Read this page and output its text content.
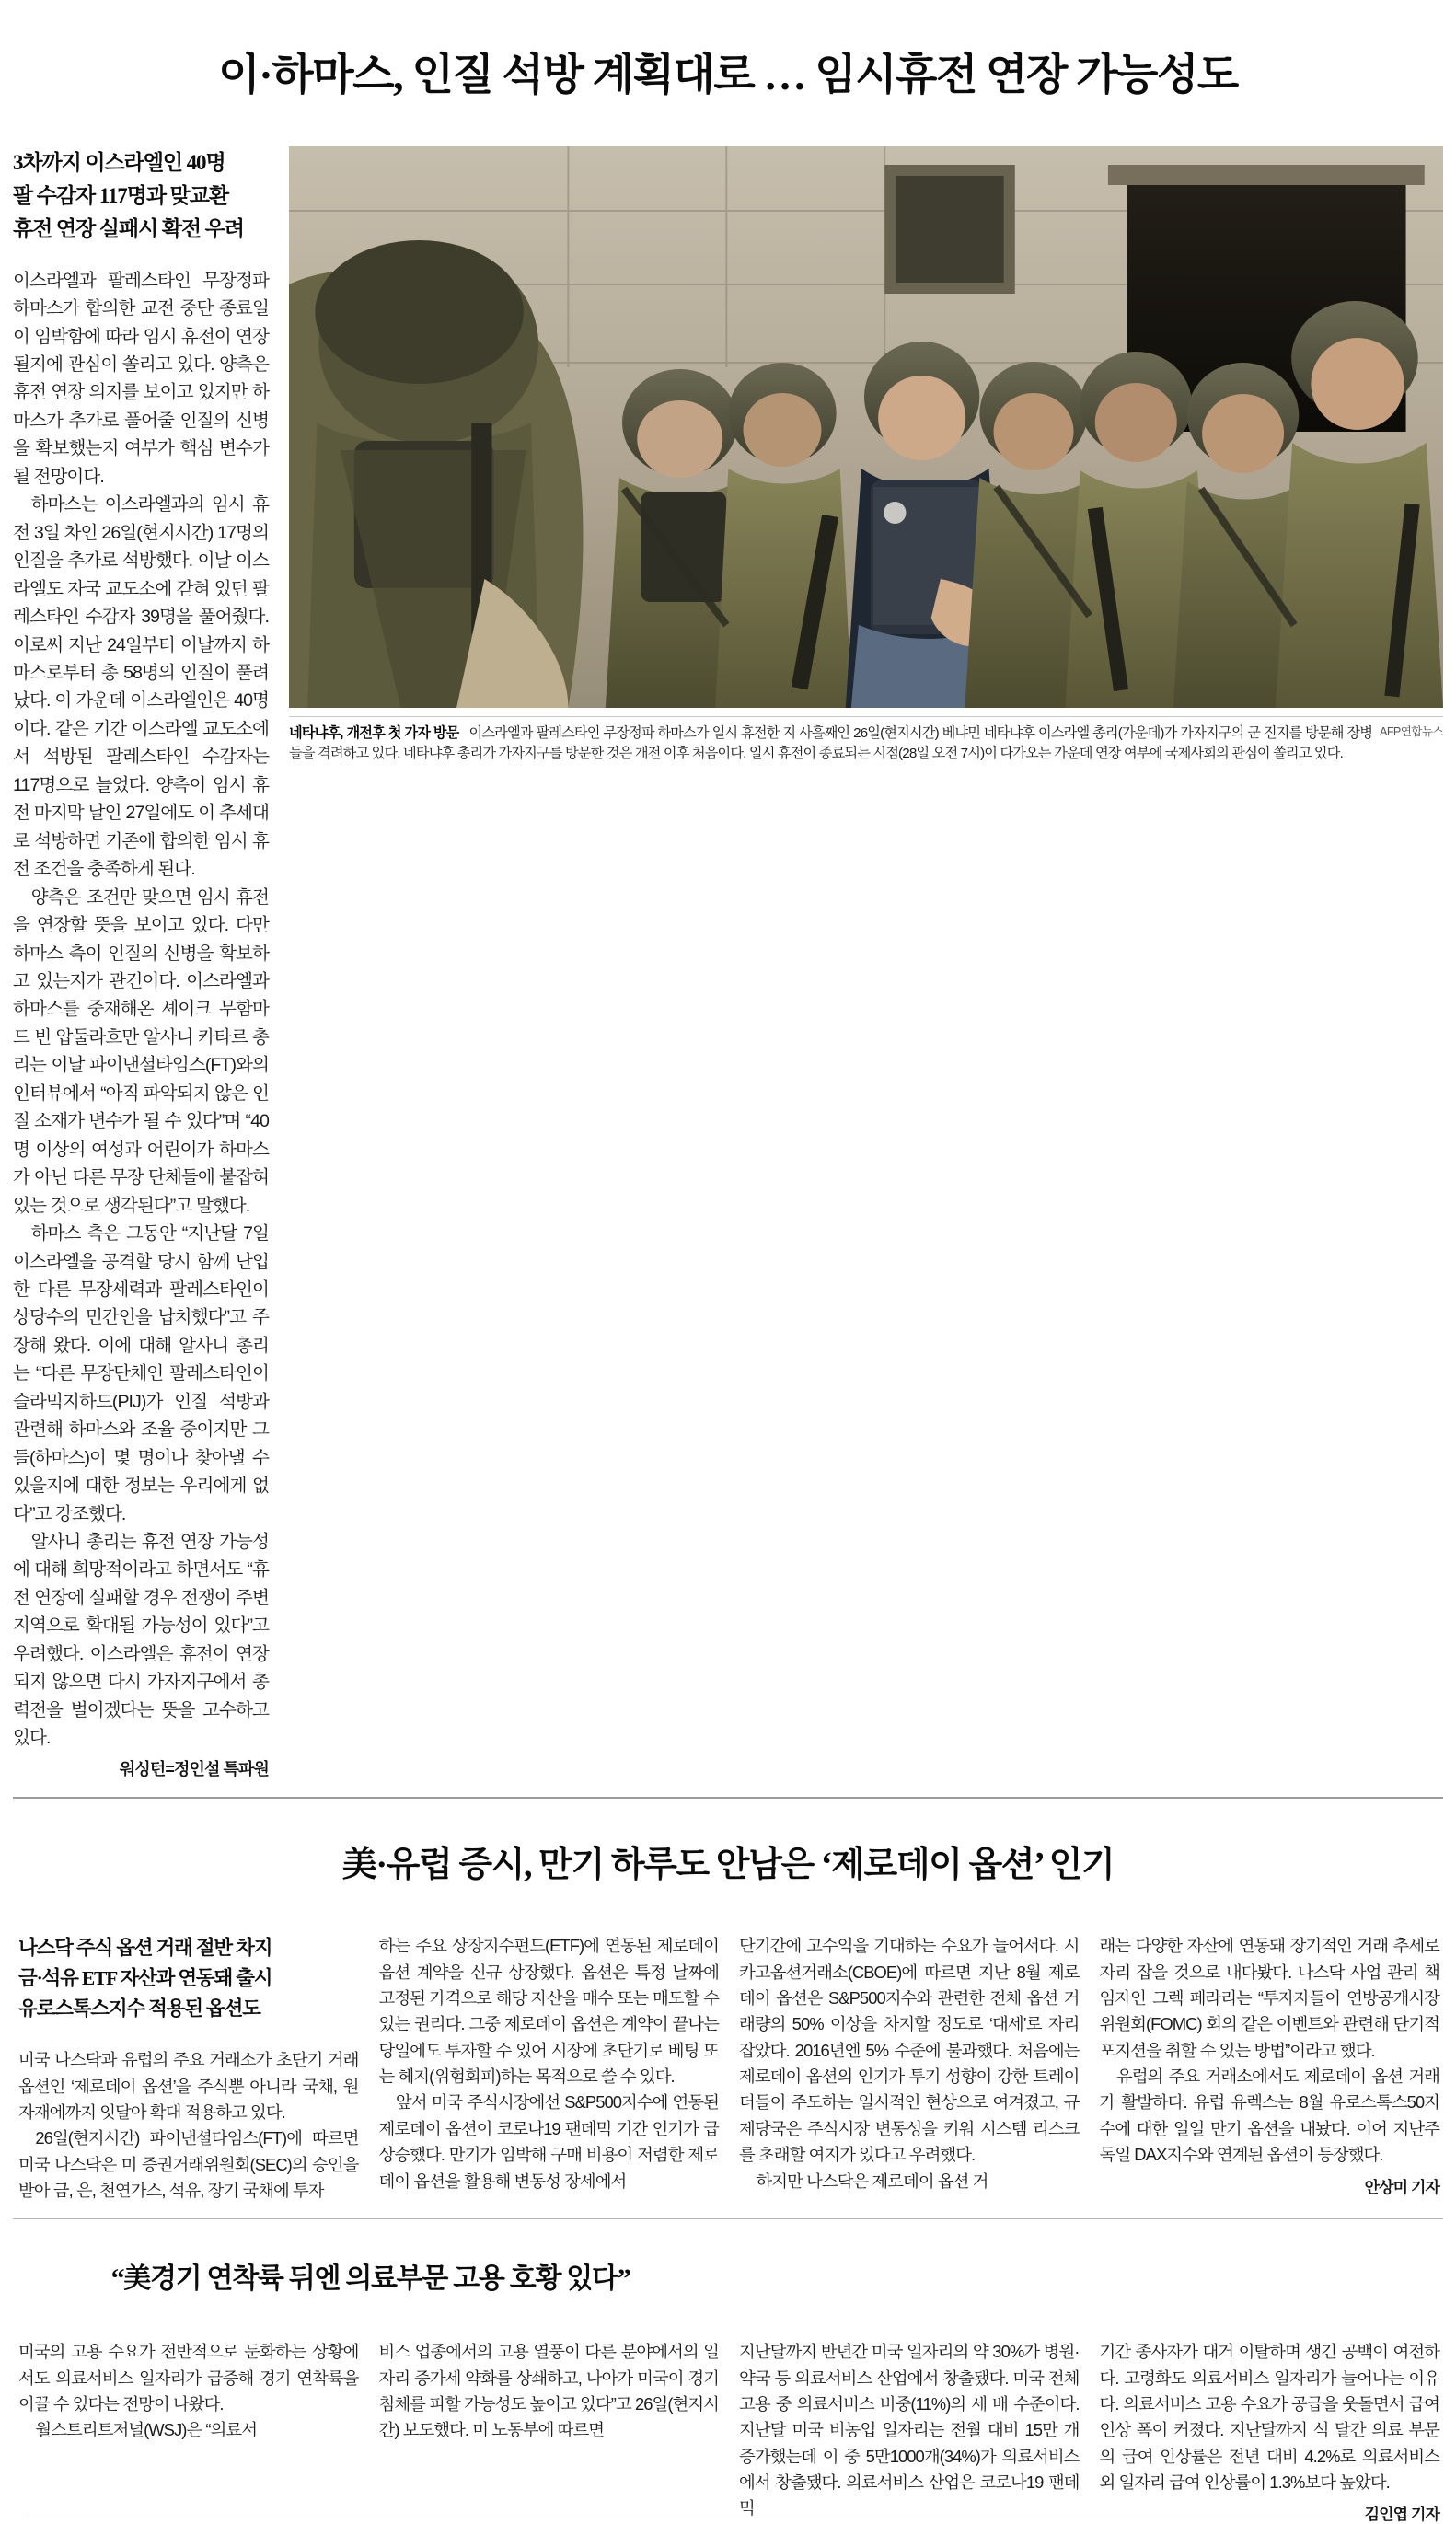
이·하마스, 인질 석방 계획대로 … 임시휴전 연장 가능성도
3차까지 이스라엘인 40명
팔 수감자 117명과 맞교환
휴전 연장 실패시 확전 우려

이스라엘과 팔레스타인 무장정파 하마스가 합의한 교전 중단 종료일이 임박함에 따라 임시 휴전이 연장될지에 관심이 쏠리고 있다. 양측은 휴전 연장 의지를 보이고 있지만 하마스가 추가로 풀어줄 인질의 신병을 확보했는지 여부가 핵심 변수가 될 전망이다.

하마스는 이스라엘과의 임시 휴전 3일 차인 26일(현지시간) 17명의 인질을 추가로 석방했다. 이날 이스라엘도 자국 교도소에 갇혀 있던 팔레스타인 수감자 39명을 풀어줬다. 이로써 지난 24일부터 이날까지 하마스로부터 총 58명의 인질이 풀려났다. 이 가운데 이스라엘인은 40명이다. 같은 기간 이스라엘 교도소에서 석방된 팔레스타인 수감자는 117명으로 늘었다. 양측이 임시 휴전 마지막 날인 27일에도 이 추세대로 석방하면 기존에 합의한 임시 휴전 조건을 충족하게 된다.

양측은 조건만 맞으면 임시 휴전을 연장할 뜻을 보이고 있다. 다만 하마스 측이 인질의 신병을 확보하고 있는지가 관건이다. 이스라엘과 하마스를 중재해온 셰이크 무함마드 빈 압둘라흐만 알사니 카타르 총리는 이날 파이낸셜타임스(FT)와의 인터뷰에서 “아직 파악되지 않은 인질 소재가 변수가 될 수 있다”며 “40명 이상의 여성과 어린이가 하마스가 아닌 다른 무장 단체들에 붙잡혀 있는 것으로 생각된다”고 말했다.

하마스 측은 그동안 “지난달 7일 이스라엘을 공격할 당시 함께 난입한 다른 무장세력과 팔레스타인이 상당수의 민간인을 납치했다”고 주장해 왔다. 이에 대해 알사니 총리는 “다른 무장단체인 팔레스타인이슬라믹지하드(PIJ)가 인질 석방과 관련해 하마스와 조율 중이지만 그들(하마스)이 몇 명이나 찾아낼 수 있을지에 대한 정보는 우리에게 없다”고 강조했다.

알사니 총리는 휴전 연장 가능성에 대해 희망적이라고 하면서도 “휴전 연장에 실패할 경우 전쟁이 주변 지역으로 확대될 가능성이 있다”고 우려했다. 이스라엘은 휴전이 연장되지 않으면 다시 가자지구에서 총력전을 벌이겠다는 뜻을 고수하고 있다.

워싱턴=정인설 특파원
AFP연합뉴스
네타냐후, 개전후 첫 가자 방문 이스라엘과 팔레스타인 무장정파 하마스가 일시 휴전한 지 사흘째인 26일(현지시간) 베냐민 네타냐후 이스라엘 총리(가운데)가 가자지구의 군 진지를 방문해 장병들을 격려하고 있다. 네타냐후 총리가 가자지구를 방문한 것은 개전 이후 처음이다. 일시 휴전이 종료되는 시점(28일 오전 7시)이 다가오는 가운데 연장 여부에 국제사회의 관심이 쏠리고 있다.
美·유럽 증시, 만기 하루도 안남은 ‘제로데이 옵션’ 인기
나스닥 주식 옵션 거래 절반 차지
금·석유 ETF 자산과 연동돼 출시
유로스톡스지수 적용된 옵션도

미국 나스닥과 유럽의 주요 거래소가 초단기 거래 옵션인 ‘제로데이 옵션’을 주식뿐 아니라 국채, 원자재에까지 잇달아 확대 적용하고 있다.

26일(현지시간) 파이낸셜타임스(FT)에 따르면 미국 나스닥은 미 증권거래위원회(SEC)의 승인을 받아 금, 은, 천연가스, 석유, 장기 국채에 투자

하는 주요 상장지수펀드(ETF)에 연동된 제로데이 옵션 계약을 신규 상장했다. 옵션은 특정 날짜에 고정된 가격으로 해당 자산을 매수 또는 매도할 수 있는 권리다. 그중 제로데이 옵션은 계약이 끝나는 당일에도 투자할 수 있어 시장에 초단기로 베팅 또는 헤지(위험회피)하는 목적으로 쓸 수 있다.

앞서 미국 주식시장에선 S&P500지수에 연동된 제로데이 옵션이 코로나19 팬데믹 기간 인기가 급상승했다. 만기가 임박해 구매 비용이 저렴한 제로데이 옵션을 활용해 변동성 장세에서

단기간에 고수익을 기대하는 수요가 늘어서다. 시카고옵션거래소(CBOE)에 따르면 지난 8월 제로데이 옵션은 S&P500지수와 관련한 전체 옵션 거래량의 50% 이상을 차지할 정도로 ‘대세’로 자리 잡았다. 2016년엔 5% 수준에 불과했다. 처음에는 제로데이 옵션의 인기가 투기 성향이 강한 트레이더들이 주도하는 일시적인 현상으로 여겨졌고, 규제당국은 주식시장 변동성을 키워 시스템 리스크를 초래할 여지가 있다고 우려했다.

하지만 나스닥은 제로데이 옵션 거

래는 다양한 자산에 연동돼 장기적인 거래 추세로 자리 잡을 것으로 내다봤다. 나스닥 사업 관리 책임자인 그렉 페라리는 “투자자들이 연방공개시장위원회(FOMC) 회의 같은 이벤트와 관련해 단기적 포지션을 취할 수 있는 방법”이라고 했다.

유럽의 주요 거래소에서도 제로데이 옵션 거래가 활발하다. 유럽 유렉스는 8월 유로스톡스50지수에 대한 일일 만기 옵션을 내놨다. 이어 지난주 독일 DAX지수와 연계된 옵션이 등장했다.

안상미 기자
“美경기 연착륙 뒤엔 의료부문 고용 호황 있다”

미국의 고용 수요가 전반적으로 둔화하는 상황에서도 의료서비스 일자리가 급증해 경기 연착륙을 이끌 수 있다는 전망이 나왔다.

월스트리트저널(WSJ)은 “의료서

비스 업종에서의 고용 열풍이 다른 분야에서의 일자리 증가세 약화를 상쇄하고, 나아가 미국이 경기 침체를 피할 가능성도 높이고 있다”고 26일(현지시간) 보도했다. 미 노동부에 따르면

지난달까지 반년간 미국 일자리의 약 30%가 병원·약국 등 의료서비스 산업에서 창출됐다. 미국 전체 고용 중 의료서비스 비중(11%)의 세 배 수준이다. 지난달 미국 비농업 일자리는 전월 대비 15만 개 증가했는데 이 중 5만1000개(34%)가 의료서비스에서 창출됐다. 의료서비스 산업은 코로나19 팬데믹

기간 종사자가 대거 이탈하며 생긴 공백이 여전하다. 고령화도 의료서비스 일자리가 늘어나는 이유다. 의료서비스 고용 수요가 공급을 웃돌면서 급여 인상 폭이 커졌다. 지난달까지 석 달간 의료 부문의 급여 인상률은 전년 대비 4.2%로 의료서비스 외 일자리 급여 인상률이 1.3%보다 높았다.

김인엽 기자
